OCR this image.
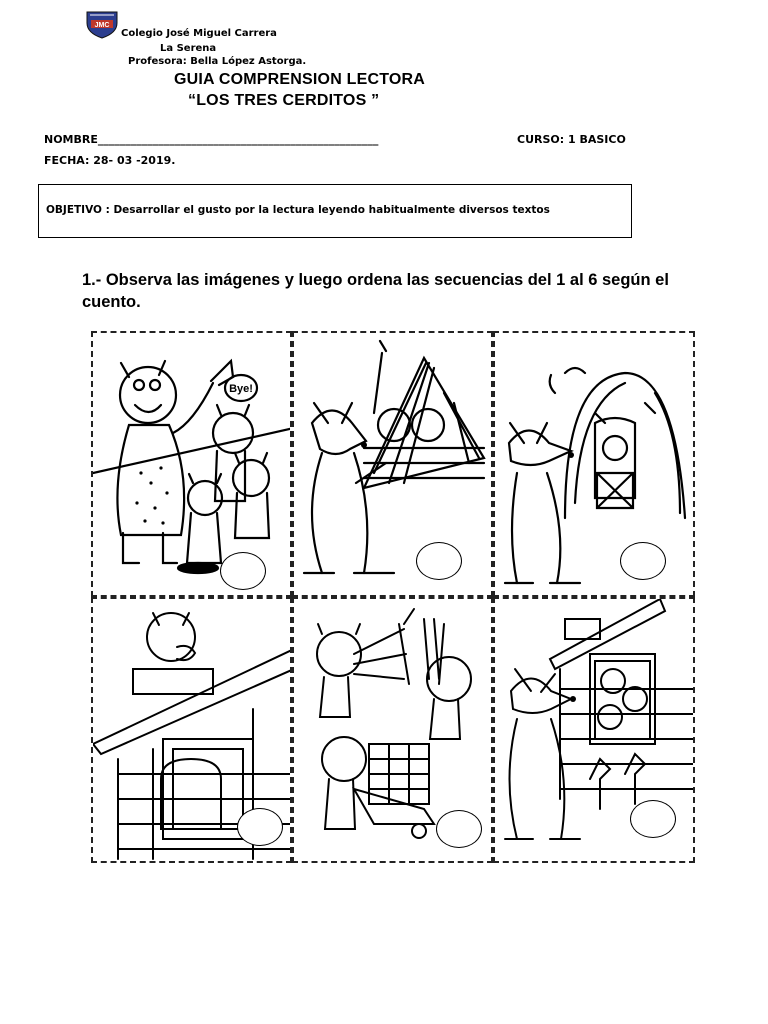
JMC
Colegio José Miguel Carrera
La Serena
Profesora: Bella López Astorga.
GUIA COMPRENSION LECTORA
“LOS TRES CERDITOS ”
NOMBRE___________________________________________________	CURSO: 1 BASICO
FECHA: 28- 03 -2019.
OBJETIVO : Desarrollar el gusto por la lectura leyendo habitualmente diversos textos
1.- Observa las imágenes y luego ordena las secuencias del 1 al 6 según el cuento.
Bye!
